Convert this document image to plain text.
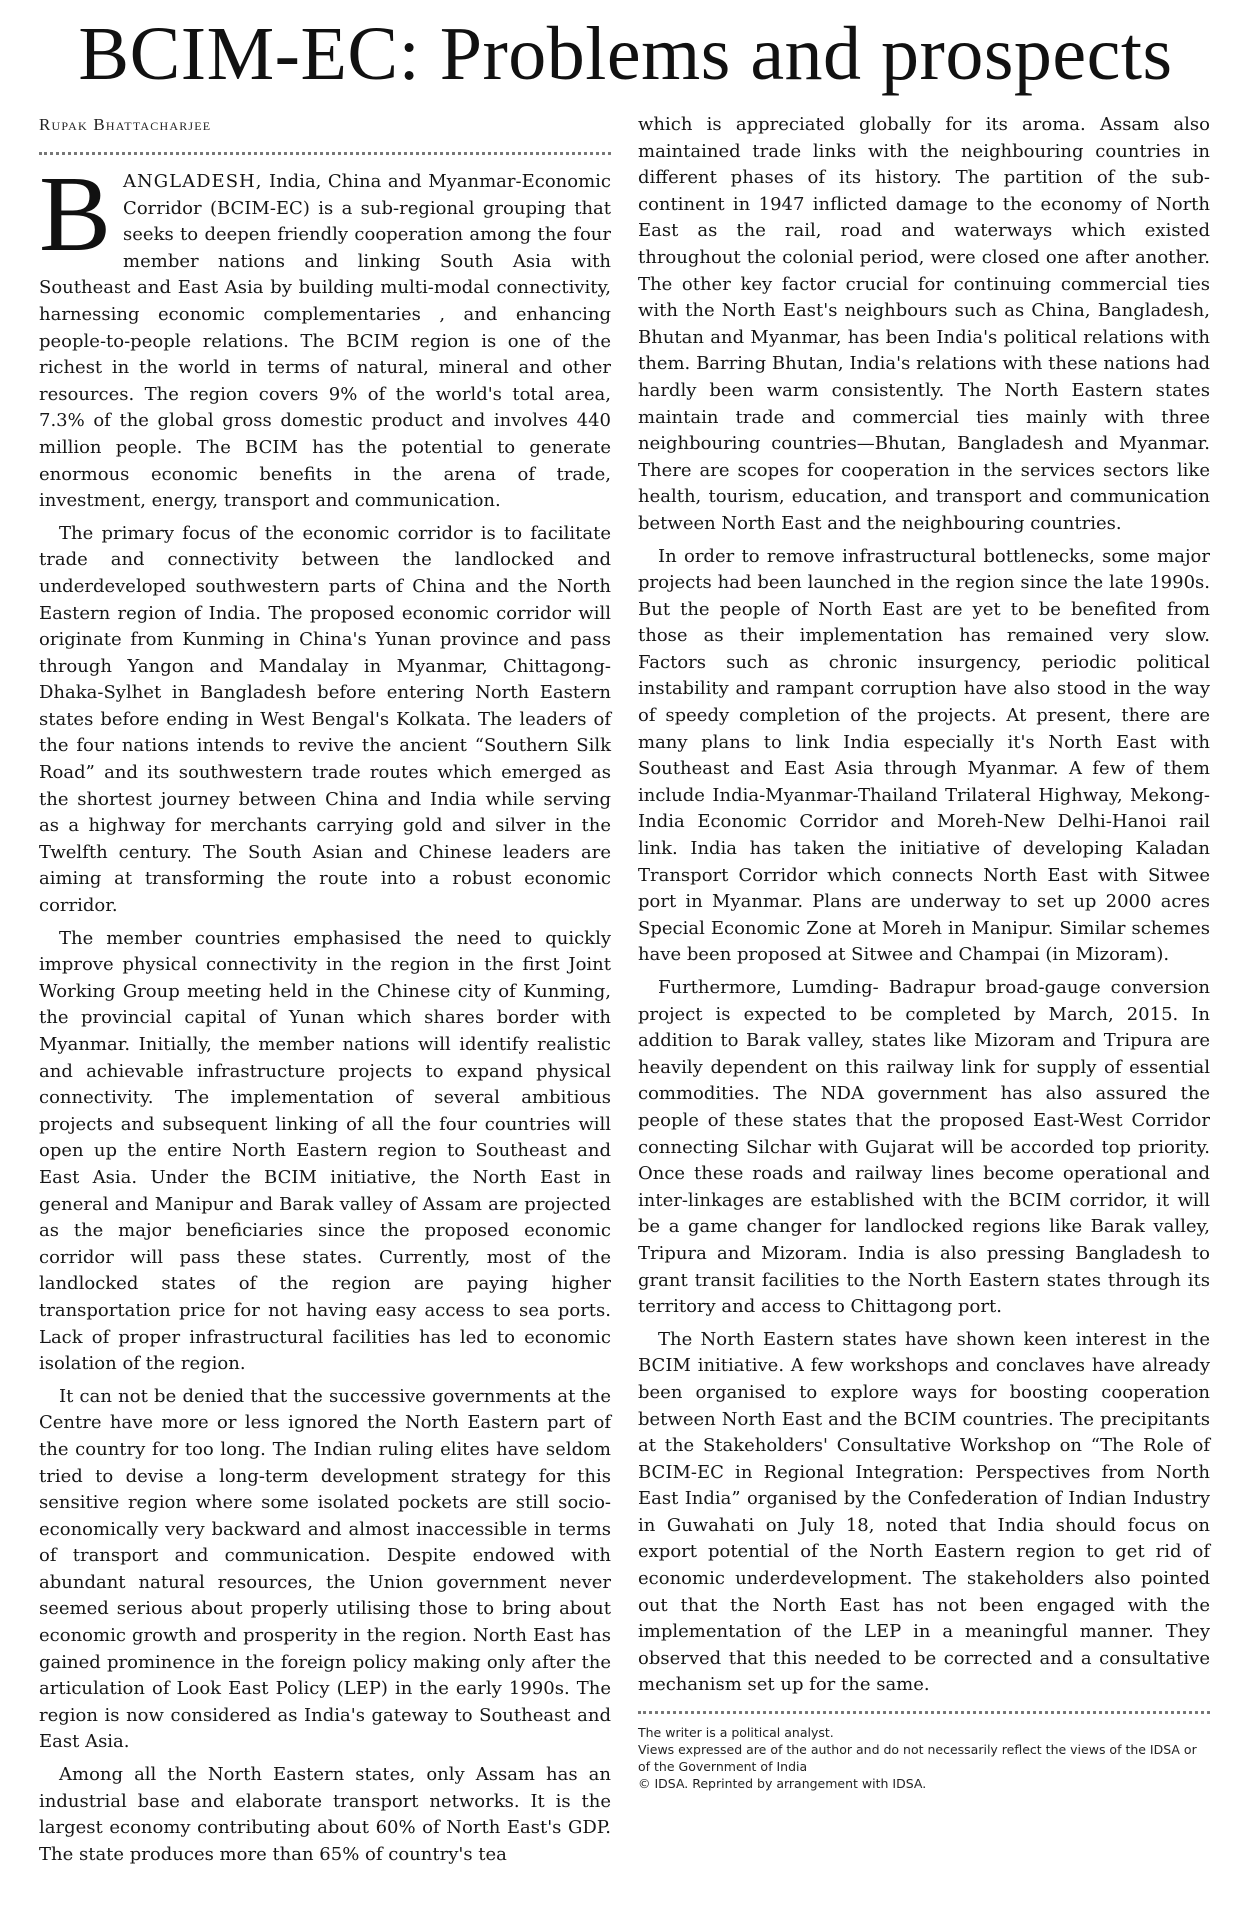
BCIM-EC: Problems and prospects
Rupak Bhattacharjee

BANGLADESH, India, China and Myanmar-Economic Corridor (BCIM-EC) is a sub-regional grouping that seeks to deepen friendly cooperation among the four member nations and linking South Asia with Southeast and East Asia by building multi-modal connectivity, harnessing economic complementaries , and enhancing people-to-people relations. The BCIM region is one of the richest in the world in terms of natural, mineral and other resources. The region covers 9% of the world's total area, 7.3% of the global gross domestic product and involves 440 million people. The BCIM has the potential to generate enormous economic benefits in the arena of trade, investment, energy, transport and communication.

The primary focus of the economic corridor is to facilitate trade and connectivity between the landlocked and underdeveloped southwestern parts of China and the North Eastern region of India. The proposed economic corridor will originate from Kunming in China's Yunan province and pass through Yangon and Mandalay in Myanmar, Chittagong-Dhaka-Sylhet in Bangladesh before entering North Eastern states before ending in West Bengal's Kolkata. The leaders of the four nations intends to revive the ancient “Southern Silk Road” and its southwestern trade routes which emerged as the shortest journey between China and India while serving as a highway for merchants carrying gold and silver in the Twelfth century. The South Asian and Chinese leaders are aiming at transforming the route into a robust economic corridor.

The member countries emphasised the need to quickly improve physical connectivity in the region in the first Joint Working Group meeting held in the Chinese city of Kunming, the provincial capital of Yunan which shares border with Myanmar. Initially, the member nations will identify realistic and achievable infrastructure projects to expand physical connectivity. The implementation of several ambitious projects and subsequent linking of all the four countries will open up the entire North Eastern region to Southeast and East Asia. Under the BCIM initiative, the North East in general and Manipur and Barak valley of Assam are projected as the major beneficiaries since the proposed economic corridor will pass these states. Currently, most of the landlocked states of the region are paying higher transportation price for not having easy access to sea ports. Lack of proper infrastructural facilities has led to economic isolation of the region.

It can not be denied that the successive governments at the Centre have more or less ignored the North Eastern part of the country for too long. The Indian ruling elites have seldom tried to devise a long-term development strategy for this sensitive region where some isolated pockets are still socio-economically very backward and almost inaccessible in terms of transport and communication. Despite endowed with abundant natural resources, the Union government never seemed serious about properly utilising those to bring about economic growth and prosperity in the region. North East has gained prominence in the foreign policy making only after the articulation of Look East Policy (LEP) in the early 1990s. The region is now considered as India's gateway to Southeast and East Asia.

Among all the North Eastern states, only Assam has an industrial base and elaborate transport networks. It is the largest economy contributing about 60% of North East's GDP. The state produces more than 65% of country's tea

which is appreciated globally for its aroma. Assam also maintained trade links with the neighbouring countries in different phases of its history. The partition of the sub-continent in 1947 inflicted damage to the economy of North East as the rail, road and waterways which existed throughout the colonial period, were closed one after another. The other key factor crucial for continuing commercial ties with the North East's neighbours such as China, Bangladesh, Bhutan and Myanmar, has been India's political relations with them. Barring Bhutan, India's relations with these nations had hardly been warm consistently. The North Eastern states maintain trade and commercial ties mainly with three neighbouring countries—Bhutan, Bangladesh and Myanmar. There are scopes for cooperation in the services sectors like health, tourism, education, and transport and communication between North East and the neighbouring countries.

In order to remove infrastructural bottlenecks, some major projects had been launched in the region since the late 1990s. But the people of North East are yet to be benefited from those as their implementation has remained very slow. Factors such as chronic insurgency, periodic political instability and rampant corruption have also stood in the way of speedy completion of the projects. At present, there are many plans to link India especially it's North East with Southeast and East Asia through Myanmar. A few of them include India-Myanmar-Thailand Trilateral Highway, Mekong-India Economic Corridor and Moreh-New Delhi-Hanoi rail link. India has taken the initiative of developing Kaladan Transport Corridor which connects North East with Sitwee port in Myanmar. Plans are underway to set up 2000 acres Special Economic Zone at Moreh in Manipur. Similar schemes have been proposed at Sitwee and Champai (in Mizoram).

Furthermore, Lumding- Badrapur broad-gauge conversion project is expected to be completed by March, 2015. In addition to Barak valley, states like Mizoram and Tripura are heavily dependent on this railway link for supply of essential commodities. The NDA government has also assured the people of these states that the proposed East-West Corridor connecting Silchar with Gujarat will be accorded top priority. Once these roads and railway lines become operational and inter-linkages are established with the BCIM corridor, it will be a game changer for landlocked regions like Barak valley, Tripura and Mizoram. India is also pressing Bangladesh to grant transit facilities to the North Eastern states through its territory and access to Chittagong port.

The North Eastern states have shown keen interest in the BCIM initiative. A few workshops and conclaves have already been organised to explore ways for boosting cooperation between North East and the BCIM countries. The precipitants at the Stakeholders' Consultative Workshop on “The Role of BCIM-EC in Regional Integration: Perspectives from North East India” organised by the Confederation of Indian Industry in Guwahati on July 18, noted that India should focus on export potential of the North Eastern region to get rid of economic underdevelopment. The stakeholders also pointed out that the North East has not been engaged with the implementation of the LEP in a meaningful manner. They observed that this needed to be corrected and a consultative mechanism set up for the same.

The writer is a political analyst.

Views expressed are of the author and do not necessarily reflect the views of the IDSA or of the Government of India

© IDSA. Reprinted by arrangement with IDSA.
